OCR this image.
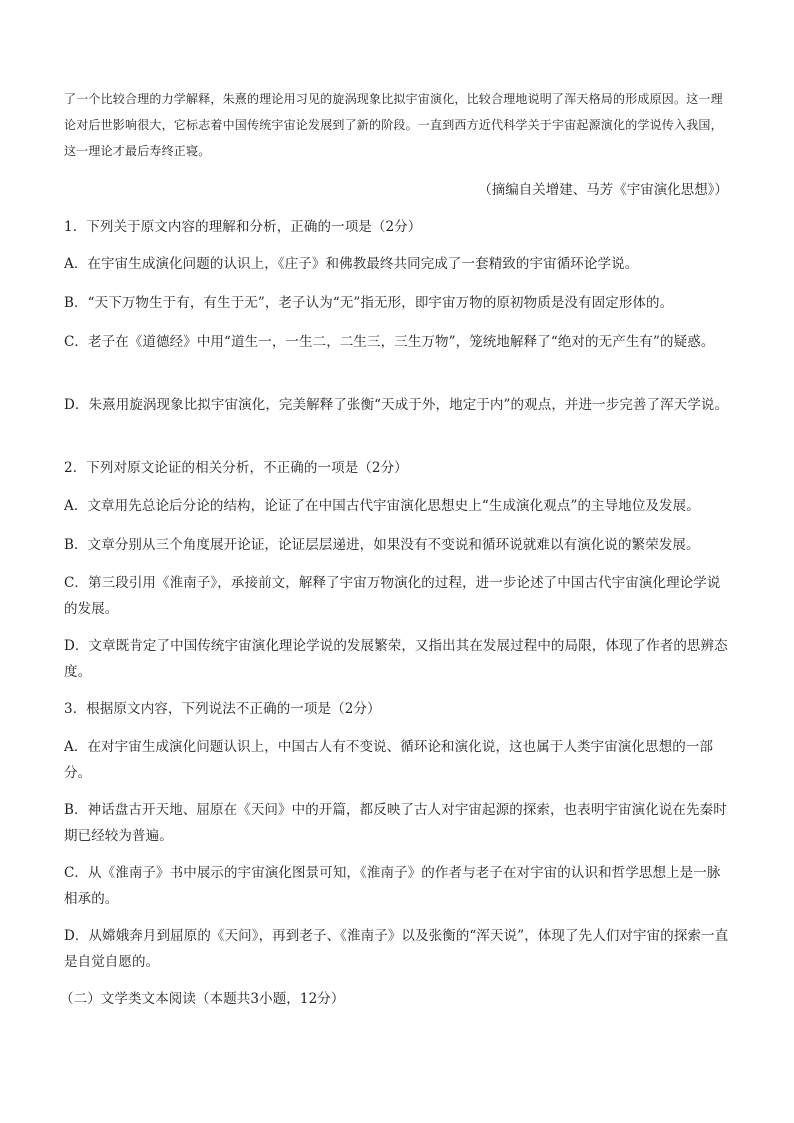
了一个比较合理的力学解释，朱熹的理论用习见的旋涡现象比拟宇宙演化，比较合理地说明了浑天格局的形成原因。这一理论对后世影响很大，它标志着中国传统宇宙论发展到了新的阶段。一直到西方近代科学关于宇宙起源演化的学说传入我国，这一理论才最后寿终正寝。
（摘编自关增建、马芳《宇宙演化思想》）
1．下列关于原文内容的理解和分析，正确的一项是（2分）
A．在宇宙生成演化问题的认识上，《庄子》和佛教最终共同完成了一套精致的宇宙循环论学说。
B．“天下万物生于有，有生于无”，老子认为“无”指无形，即宇宙万物的原初物质是没有固定形体的。
C．老子在《道德经》中用“道生一，一生二，二生三，三生万物”，笼统地解释了“绝对的无产生有”的疑惑。
D．朱熹用旋涡现象比拟宇宙演化，完美解释了张衡“天成于外，地定于内”的观点，并进一步完善了浑天学说。
2．下列对原文论证的相关分析，不正确的一项是（2分）
A．文章用先总论后分论的结构，论证了在中国古代宇宙演化思想史上“生成演化观点”的主导地位及发展。
B．文章分别从三个角度展开论证，论证层层递进，如果没有不变说和循环说就难以有演化说的繁荣发展。
C．第三段引用《淮南子》，承接前文，解释了宇宙万物演化的过程，进一步论述了中国古代宇宙演化理论学说的发展。
D．文章既肯定了中国传统宇宙演化理论学说的发展繁荣，又指出其在发展过程中的局限，体现了作者的思辨态度。
3．根据原文内容，下列说法不正确的一项是（2分）
A．在对宇宙生成演化问题认识上，中国古人有不变说、循环论和演化说，这也属于人类宇宙演化思想的一部分。
B．神话盘古开天地、屈原在《天问》中的开篇，都反映了古人对宇宙起源的探索，也表明宇宙演化说在先秦时期已经较为普遍。
C．从《淮南子》书中展示的宇宙演化图景可知，《淮南子》的作者与老子在对宇宙的认识和哲学思想上是一脉相承的。
D．从嫦娥奔月到屈原的《天问》，再到老子、《淮南子》以及张衡的“浑天说”，体现了先人们对宇宙的探索一直是自觉自愿的。
（二）文学类文本阅读（本题共3小题，12分）
